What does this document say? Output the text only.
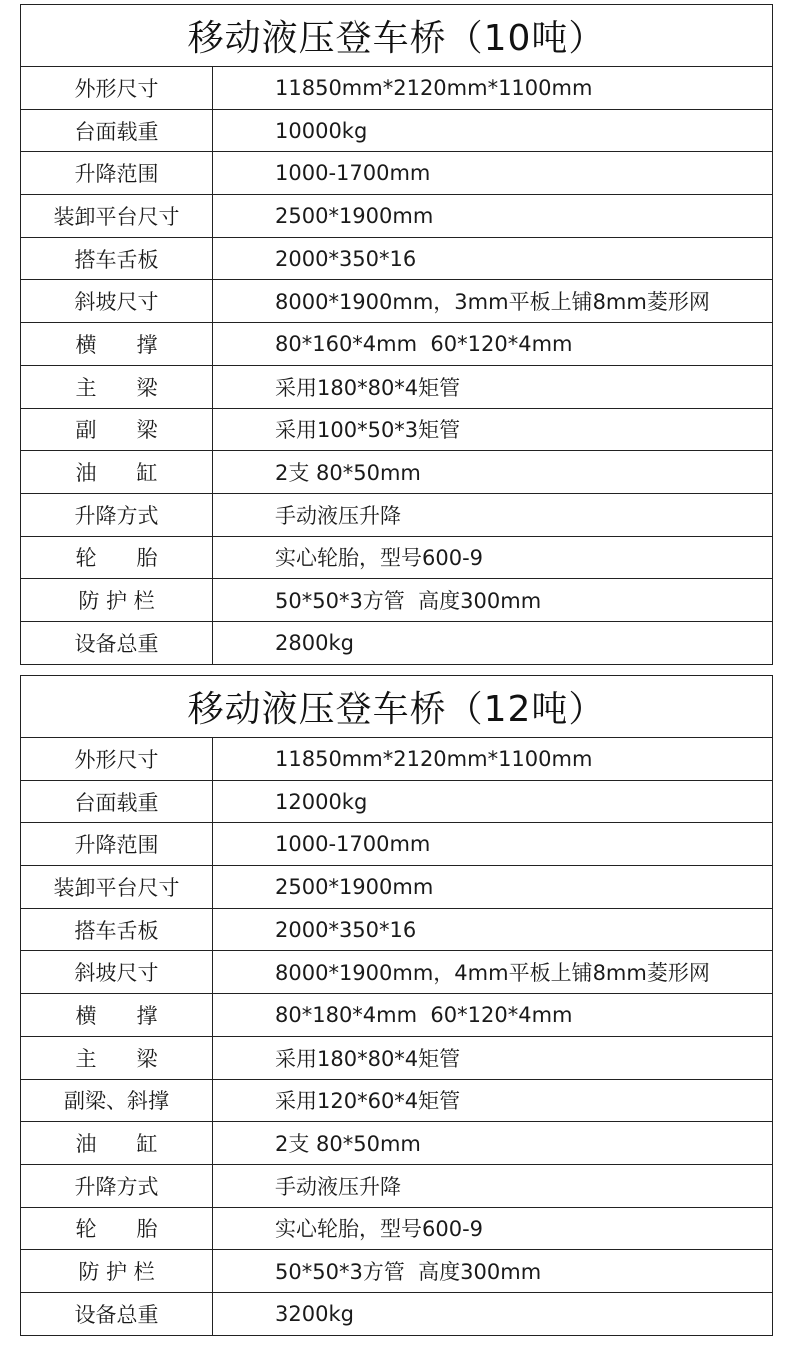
移动液压登车桥（10吨）
外形尺寸	11850mm*2120mm*1100mm
台面载重	10000kg
升降范围	1000-1700mm
装卸平台尺寸	2500*1900mm
搭车舌板	2000*350*16
斜坡尺寸	8000*1900mm，3mm平板上铺8mm菱形网
横      撑	80*160*4mm  60*120*4mm
主      梁	采用180*80*4矩管
副      梁	采用100*50*3矩管
油      缸	2支 80*50mm
升降方式	手动液压升降
轮      胎	实心轮胎，型号600-9
防 护 栏	50*50*3方管  高度300mm
设备总重	2800kg
移动液压登车桥（12吨）
外形尺寸	11850mm*2120mm*1100mm
台面载重	12000kg
升降范围	1000-1700mm
装卸平台尺寸	2500*1900mm
搭车舌板	2000*350*16
斜坡尺寸	8000*1900mm，4mm平板上铺8mm菱形网
横      撑	80*180*4mm  60*120*4mm
主      梁	采用180*80*4矩管
副梁、斜撑	采用120*60*4矩管
油      缸	2支 80*50mm
升降方式	手动液压升降
轮      胎	实心轮胎，型号600-9
防 护 栏	50*50*3方管  高度300mm
设备总重	3200kg
